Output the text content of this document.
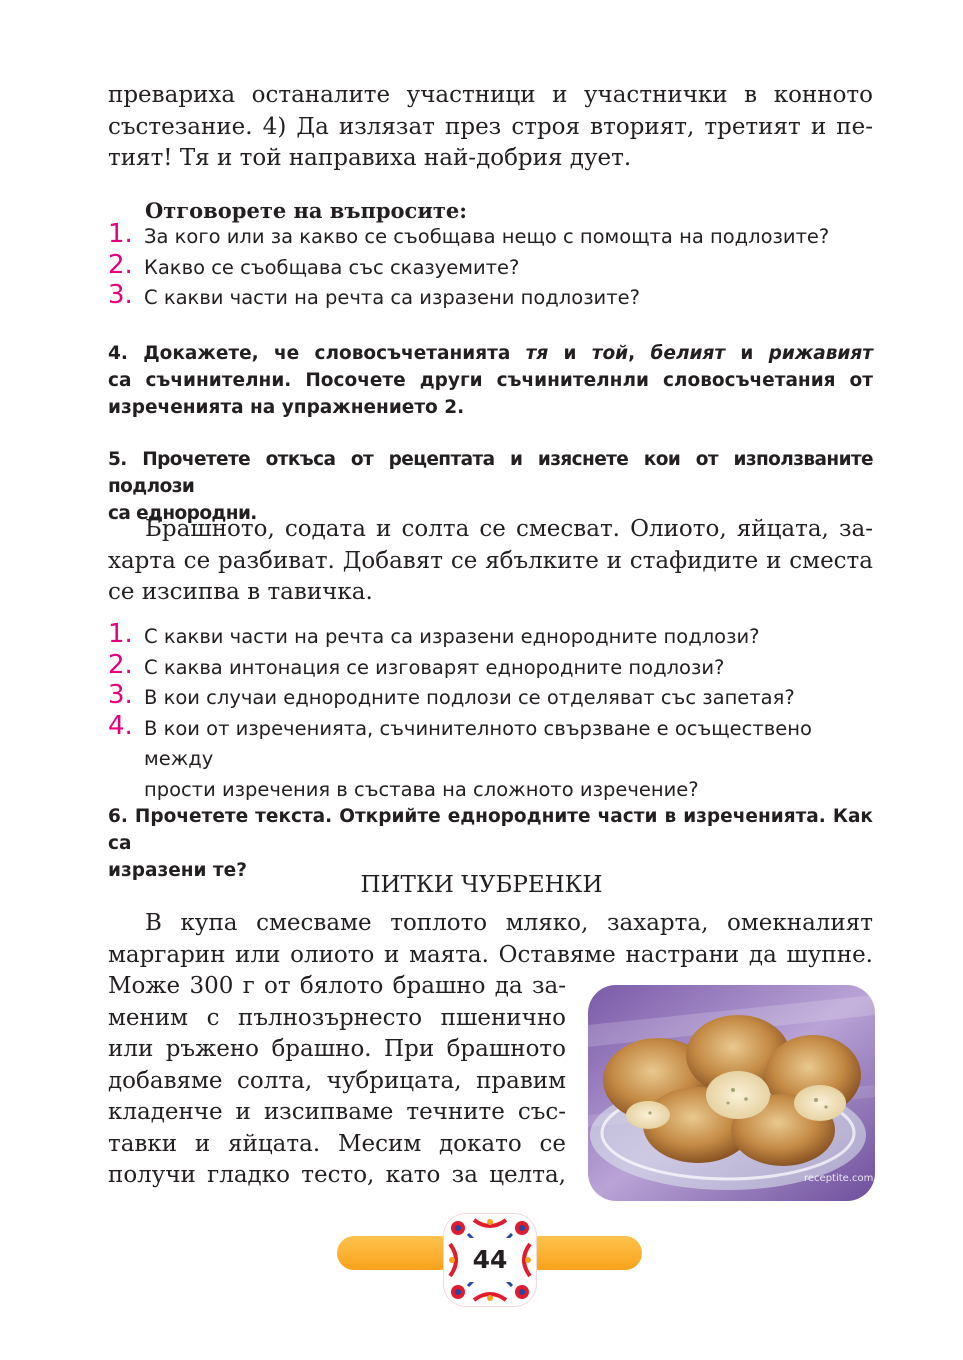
превариха останалите участници и участнички в конното
състезание. 4) Да излязат през строя вторият, третият и пе-
тият! Тя и той направиха най-добрия дует.
Отговорете на въпросите:
1. За кого или за какво се съобщава нещо с помощта на подлозите?
2. Какво се съобщава със сказуемите?
3. С какви части на речта са изразени подлозите?
4. Докажете, че словосъчетанията тя и той, белият и рижавият
са съчинителни. Посочете други съчинителнли словосъчетания от
изреченията на упражнението 2.
5. Прочетете откъса от рецептата и изяснете кои от използваните подлози
са еднородни.
Брашното, содата и солта се смесват. Олиото, яйцата, за-
харта се разбиват. Добавят се ябълките и стафидите и сместа
се изсипва в тавичка.
1. С какви части на речта са изразени еднородните подлози?
2. С каква интонация се изговарят еднородните подлози?
3. В кои случаи еднородните подлози се отделяват със запетая?
4. В кои от изреченията, съчинителното свързване е осъществено между
прости изречения в състава на сложното изречение?
6. Прочетете текста. Открийте еднородните части в изреченията. Как са
изразени те?
ПИТКИ ЧУБРЕНКИ
В купа смесваме топлото мляко, захарта, омекналият
маргарин или олиото и маята. Оставяме настрани да шупне.
Може 300 г от бялото брашно да за-
меним с пълнозърнесто пшенично
или ръжено брашно. При брашното
добавяме солта, чубрицата, правим
кладенче и изсипваме течните със-
тавки и яйцата. Месим докато се
получи гладко тесто, като за целта,	receptite.com
44
